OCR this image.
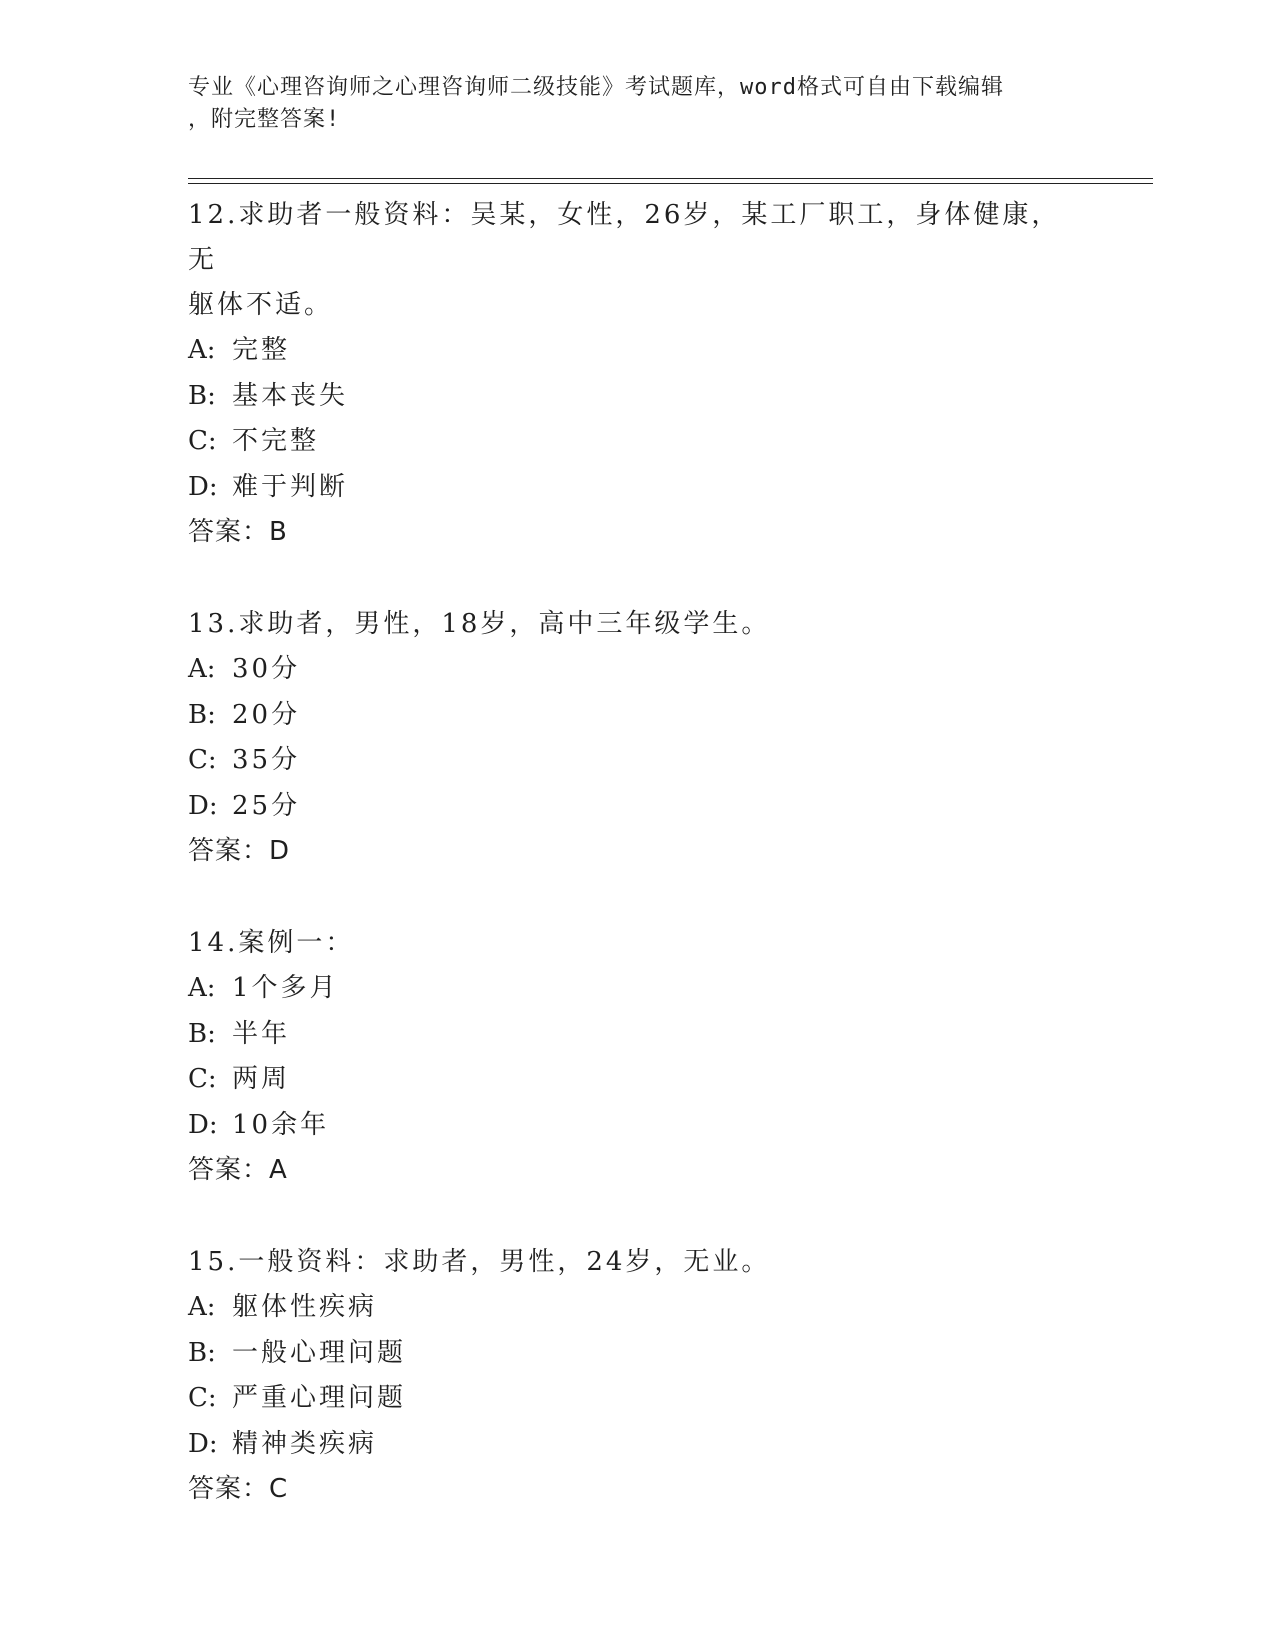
专业《心理咨询师之心理咨询师二级技能》考试题库，word格式可自由下载编辑
，附完整答案!

12.求助者一般资料：吴某，女性，26岁，某工厂职工，身体健康，无
躯体不适。

A: 完整

B: 基本丧失

C: 不完整

D: 难于判断

答案：B

13.求助者，男性，18岁，高中三年级学生。

A: 30分

B: 20分

C: 35分

D: 25分

答案：D

14.案例一：

A: 1个多月

B: 半年

C: 两周

D: 10余年

答案：A

15.一般资料：求助者，男性，24岁，无业。

A: 躯体性疾病

B: 一般心理问题

C: 严重心理问题

D: 精神类疾病

答案：C
